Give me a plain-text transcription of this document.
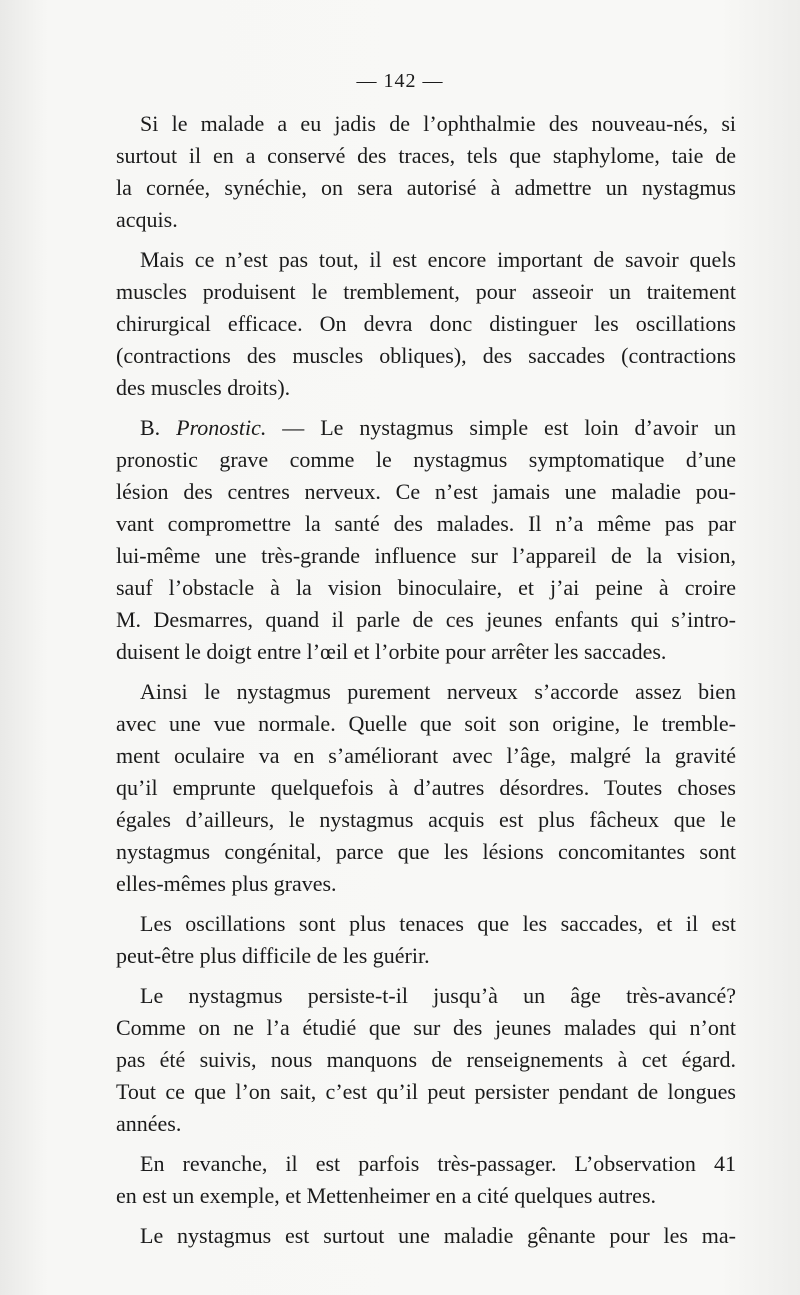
— 142 —
Si le malade a eu jadis de l’ophthalmie des nouveau-nés, si
surtout il en a conservé des traces, tels que staphylome, taie de
la cornée, synéchie, on sera autorisé à admettre un nystagmus
acquis.
Mais ce n’est pas tout, il est encore important de savoir quels
muscles produisent le tremblement, pour asseoir un traitement
chirurgical efficace. On devra donc distinguer les oscillations
(contractions des muscles obliques), des saccades (contractions
des muscles droits).
B. Pronostic. — Le nystagmus simple est loin d’avoir un
pronostic grave comme le nystagmus symptomatique d’une
lésion des centres nerveux. Ce n’est jamais une maladie pou-
vant compromettre la santé des malades. Il n’a même pas par
lui-même une très-grande influence sur l’appareil de la vision,
sauf l’obstacle à la vision binoculaire, et j’ai peine à croire
M. Desmarres, quand il parle de ces jeunes enfants qui s’intro-
duisent le doigt entre l’œil et l’orbite pour arrêter les saccades.
Ainsi le nystagmus purement nerveux s’accorde assez bien
avec une vue normale. Quelle que soit son origine, le tremble-
ment oculaire va en s’améliorant avec l’âge, malgré la gravité
qu’il emprunte quelquefois à d’autres désordres. Toutes choses
égales d’ailleurs, le nystagmus acquis est plus fâcheux que le
nystagmus congénital, parce que les lésions concomitantes sont
elles-mêmes plus graves.
Les oscillations sont plus tenaces que les saccades, et il est
peut-être plus difficile de les guérir.
Le nystagmus persiste-t-il jusqu’à un âge très-avancé?
Comme on ne l’a étudié que sur des jeunes malades qui n’ont
pas été suivis, nous manquons de renseignements à cet égard.
Tout ce que l’on sait, c’est qu’il peut persister pendant de longues
années.
En revanche, il est parfois très-passager. L’observation 41
en est un exemple, et Mettenheimer en a cité quelques autres.
Le nystagmus est surtout une maladie gênante pour les ma-
